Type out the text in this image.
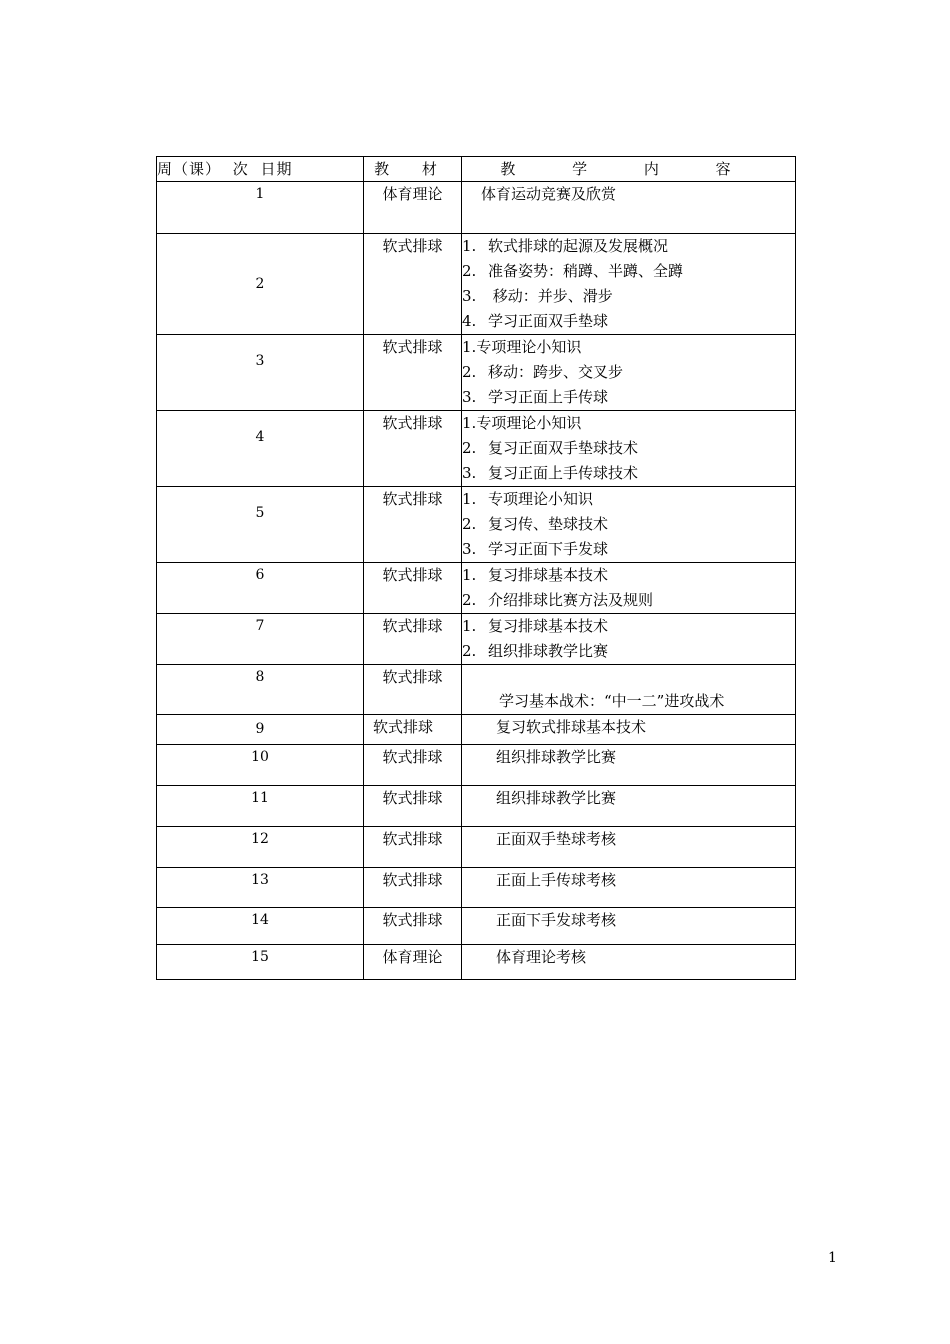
周（课） 次 日期	教 材	教 学 内 容
1	体育理论	体育运动竞赛及欣赏

2	软式排球	1. 软式排球的起源及发展概况
2. 准备姿势：稍蹲、半蹲、全蹲
3. 移动：并步、滑步
4. 学习正面双手垫球

3	软式排球	1.专项理论小知识
2. 移动：跨步、交叉步
3. 学习正面上手传球

4	软式排球	1.专项理论小知识
2. 复习正面双手垫球技术
3. 复习正面上手传球技术

5	软式排球	1. 专项理论小知识
2. 复习传、垫球技术
3. 学习正面下手发球

6	软式排球	1. 复习排球基本技术
2. 介绍排球比赛方法及规则

7	软式排球	1. 复习排球基本技术
2. 组织排球教学比赛

8	软式排球	学习基本战术：“中一二”进攻战术

9	软式排球	复习软式排球基本技术

10	软式排球	组织排球教学比赛

11	软式排球	组织排球教学比赛

12	软式排球	正面双手垫球考核

13	软式排球	正面上手传球考核

14	软式排球	正面下手发球考核

15	体育理论	体育理论考核
1
